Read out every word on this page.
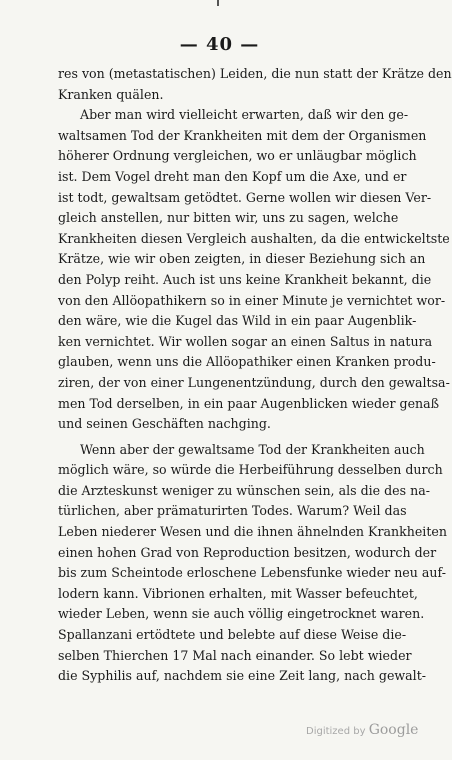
— 40 —
res von (metastatischen) Leiden, die nun statt der Krätze den
Kranken quälen.
Aber man wird vielleicht erwarten, daß wir den ge-
waltsamen Tod der Krankheiten mit dem der Organismen
höherer Ordnung vergleichen, wo er unläugbar möglich
ist. Dem Vogel dreht man den Kopf um die Axe, und er
ist todt, gewaltsam getödtet. Gerne wollen wir diesen Ver-
gleich anstellen, nur bitten wir, uns zu sagen, welche
Krankheiten diesen Vergleich aushalten, da die entwickeltste
Krätze, wie wir oben zeigten, in dieser Beziehung sich an
den Polyp reiht. Auch ist uns keine Krankheit bekannt, die
von den Allöopathikern so in einer Minute je vernichtet wor-
den wäre, wie die Kugel das Wild in ein paar Augenblik-
ken vernichtet. Wir wollen sogar an einen Saltus in natura
glauben, wenn uns die Allöopathiker einen Kranken produ-
ziren, der von einer Lungenentzündung, durch den gewaltsa-
men Tod derselben, in ein paar Augenblicken wieder genaß
und seinen Geschäften nachging.
Wenn aber der gewaltsame Tod der Krankheiten auch
möglich wäre, so würde die Herbeiführung desselben durch
die Arzteskunst weniger zu wünschen sein, als die des na-
türlichen, aber prämaturirten Todes. Warum? Weil das
Leben niederer Wesen und die ihnen ähnelnden Krankheiten
einen hohen Grad von Reproduction besitzen, wodurch der
bis zum Scheintode erloschene Lebensfunke wieder neu auf-
lodern kann. Vibrionen erhalten, mit Wasser befeuchtet,
wieder Leben, wenn sie auch völlig eingetrocknet waren.
Spallanzani ertödtete und belebte auf diese Weise die-
selben Thierchen 17 Mal nach einander. So lebt wieder
die Syphilis auf, nachdem sie eine Zeit lang, nach gewalt-
Digitized by Google
